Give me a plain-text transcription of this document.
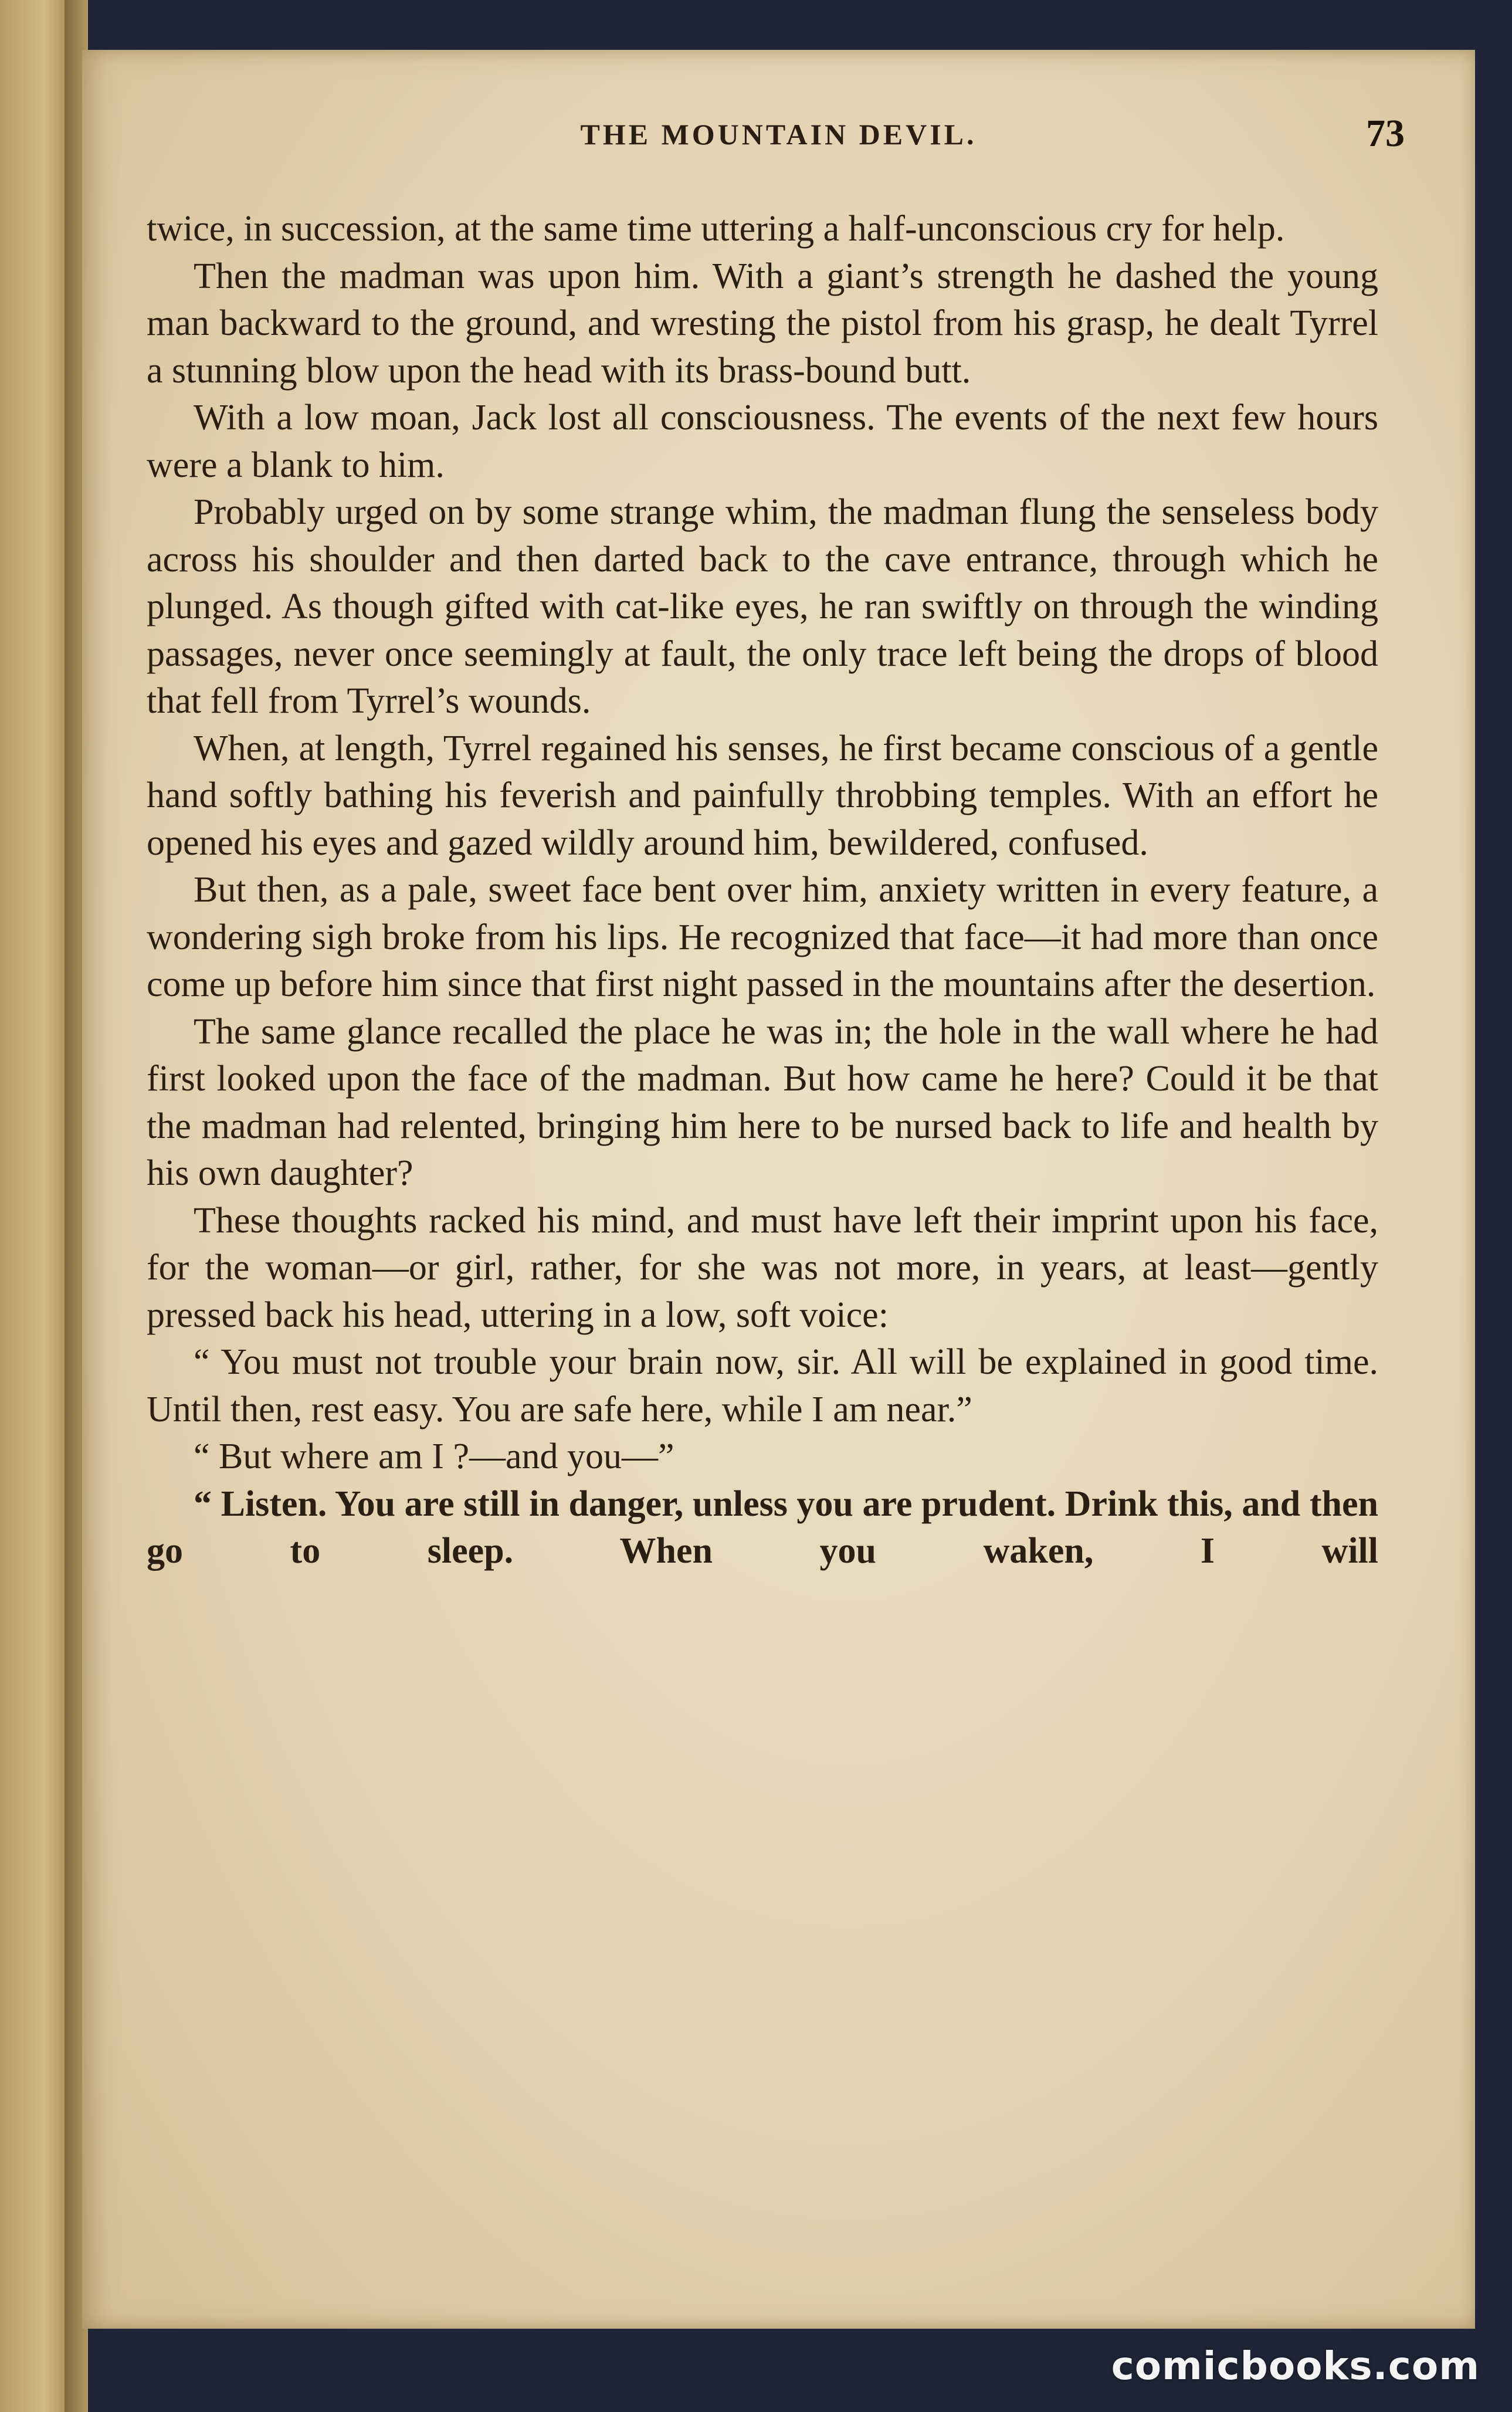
THE MOUNTAIN DEVIL.	73

twice, in succession, at the same time uttering a half-unconscious cry for help.

Then the madman was upon him. With a giant’s strength he dashed the young man backward to the ground, and wresting the pistol from his grasp, he dealt Tyrrel a stunning blow upon the head with its brass-bound butt.

With a low moan, Jack lost all consciousness. The events of the next few hours were a blank to him.

Probably urged on by some strange whim, the madman flung the senseless body across his shoulder and then darted back to the cave entrance, through which he plunged. As though gifted with cat-like eyes, he ran swiftly on through the winding passages, never once seemingly at fault, the only trace left being the drops of blood that fell from Tyrrel’s wounds.

When, at length, Tyrrel regained his senses, he first became conscious of a gentle hand softly bathing his feverish and painfully throbbing temples. With an effort he opened his eyes and gazed wildly around him, bewildered, confused.

But then, as a pale, sweet face bent over him, anxiety written in every feature, a wondering sigh broke from his lips. He recognized that face—it had more than once come up before him since that first night passed in the mountains after the desertion.

The same glance recalled the place he was in; the hole in the wall where he had first looked upon the face of the madman. But how came he here? Could it be that the madman had relented, bringing him here to be nursed back to life and health by his own daughter?

These thoughts racked his mind, and must have left their imprint upon his face, for the woman—or girl, rather, for she was not more, in years, at least—gently pressed back his head, uttering in a low, soft voice:

“ You must not trouble your brain now, sir. All will be explained in good time. Until then, rest easy. You are safe here, while I am near.”

“ But where am I ?—and you—”

“ Listen. You are still in danger, unless you are prudent. Drink this, and then go to sleep. When you waken, I will

comicbooks.com
